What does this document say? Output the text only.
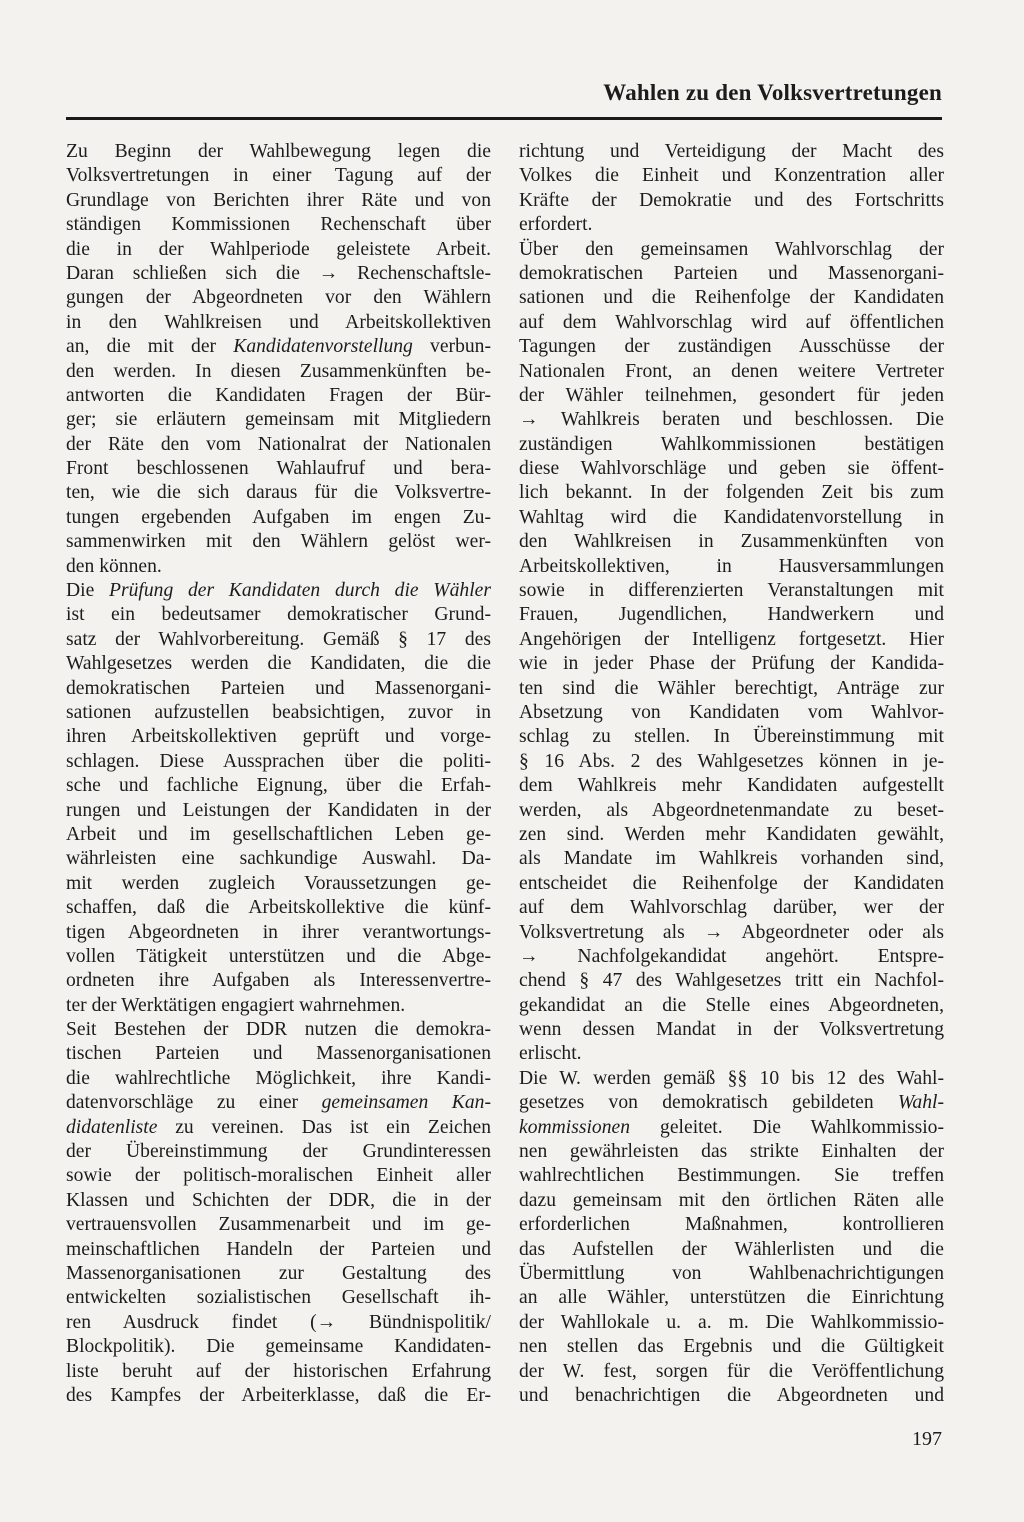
Wahlen zu den Volksvertretungen
Zu Beginn der Wahlbewegung legen die
Volksvertretungen in einer Tagung auf der
Grundlage von Berichten ihrer Räte und von
ständigen Kommissionen Rechenschaft über
die in der Wahlperiode geleistete Arbeit.
Daran schließen sich die → Rechenschaftsle-
gungen der Abgeordneten vor den Wählern
in den Wahlkreisen und Arbeitskollektiven
an, die mit der Kandidatenvorstellung verbun-
den werden. In diesen Zusammenkünften be-
antworten die Kandidaten Fragen der Bür-
ger; sie erläutern gemeinsam mit Mitgliedern
der Räte den vom Nationalrat der Nationalen
Front beschlossenen Wahlaufruf und bera-
ten, wie die sich daraus für die Volksvertre-
tungen ergebenden Aufgaben im engen Zu-
sammenwirken mit den Wählern gelöst wer-
den können.
Die Prüfung der Kandidaten durch die Wähler
ist ein bedeutsamer demokratischer Grund-
satz der Wahlvorbereitung. Gemäß § 17 des
Wahlgesetzes werden die Kandidaten, die die
demokratischen Parteien und Massenorgani-
sationen aufzustellen beabsichtigen, zuvor in
ihren Arbeitskollektiven geprüft und vorge-
schlagen. Diese Aussprachen über die politi-
sche und fachliche Eignung, über die Erfah-
rungen und Leistungen der Kandidaten in der
Arbeit und im gesellschaftlichen Leben ge-
währleisten eine sachkundige Auswahl. Da-
mit werden zugleich Voraussetzungen ge-
schaffen, daß die Arbeitskollektive die künf-
tigen Abgeordneten in ihrer verantwortungs-
vollen Tätigkeit unterstützen und die Abge-
ordneten ihre Aufgaben als Interessenvertre-
ter der Werktätigen engagiert wahrnehmen.
Seit Bestehen der DDR nutzen die demokra-
tischen Parteien und Massenorganisationen
die wahlrechtliche Möglichkeit, ihre Kandi-
datenvorschläge zu einer gemeinsamen Kan-
didatenliste zu vereinen. Das ist ein Zeichen
der Übereinstimmung der Grundinteressen
sowie der politisch-moralischen Einheit aller
Klassen und Schichten der DDR, die in der
vertrauensvollen Zusammenarbeit und im ge-
meinschaftlichen Handeln der Parteien und
Massenorganisationen zur Gestaltung des
entwickelten sozialistischen Gesellschaft ih-
ren Ausdruck findet (→ Bündnispolitik/
Blockpolitik). Die gemeinsame Kandidaten-
liste beruht auf der historischen Erfahrung
des Kampfes der Arbeiterklasse, daß die Er-
richtung und Verteidigung der Macht des
Volkes die Einheit und Konzentration aller
Kräfte der Demokratie und des Fortschritts
erfordert.
Über den gemeinsamen Wahlvorschlag der
demokratischen Parteien und Massenorgani-
sationen und die Reihenfolge der Kandidaten
auf dem Wahlvorschlag wird auf öffentlichen
Tagungen der zuständigen Ausschüsse der
Nationalen Front, an denen weitere Vertreter
der Wähler teilnehmen, gesondert für jeden
→ Wahlkreis beraten und beschlossen. Die
zuständigen Wahlkommissionen bestätigen
diese Wahlvorschläge und geben sie öffent-
lich bekannt. In der folgenden Zeit bis zum
Wahltag wird die Kandidatenvorstellung in
den Wahlkreisen in Zusammenkünften von
Arbeitskollektiven, in Hausversammlungen
sowie in differenzierten Veranstaltungen mit
Frauen, Jugendlichen, Handwerkern und
Angehörigen der Intelligenz fortgesetzt. Hier
wie in jeder Phase der Prüfung der Kandida-
ten sind die Wähler berechtigt, Anträge zur
Absetzung von Kandidaten vom Wahlvor-
schlag zu stellen. In Übereinstimmung mit
§ 16 Abs. 2 des Wahlgesetzes können in je-
dem Wahlkreis mehr Kandidaten aufgestellt
werden, als Abgeordnetenmandate zu beset-
zen sind. Werden mehr Kandidaten gewählt,
als Mandate im Wahlkreis vorhanden sind,
entscheidet die Reihenfolge der Kandidaten
auf dem Wahlvorschlag darüber, wer der
Volksvertretung als → Abgeordneter oder als
→ Nachfolgekandidat angehört. Entspre-
chend § 47 des Wahlgesetzes tritt ein Nachfol-
gekandidat an die Stelle eines Abgeordneten,
wenn dessen Mandat in der Volksvertretung
erlischt.
Die W. werden gemäß §§ 10 bis 12 des Wahl-
gesetzes von demokratisch gebildeten Wahl-
kommissionen geleitet. Die Wahlkommissio-
nen gewährleisten das strikte Einhalten der
wahlrechtlichen Bestimmungen. Sie treffen
dazu gemeinsam mit den örtlichen Räten alle
erforderlichen Maßnahmen, kontrollieren
das Aufstellen der Wählerlisten und die
Übermittlung von Wahlbenachrichtigungen
an alle Wähler, unterstützen die Einrichtung
der Wahllokale u. a. m. Die Wahlkommissio-
nen stellen das Ergebnis und die Gültigkeit
der W. fest, sorgen für die Veröffentlichung
und benachrichtigen die Abgeordneten und
197
